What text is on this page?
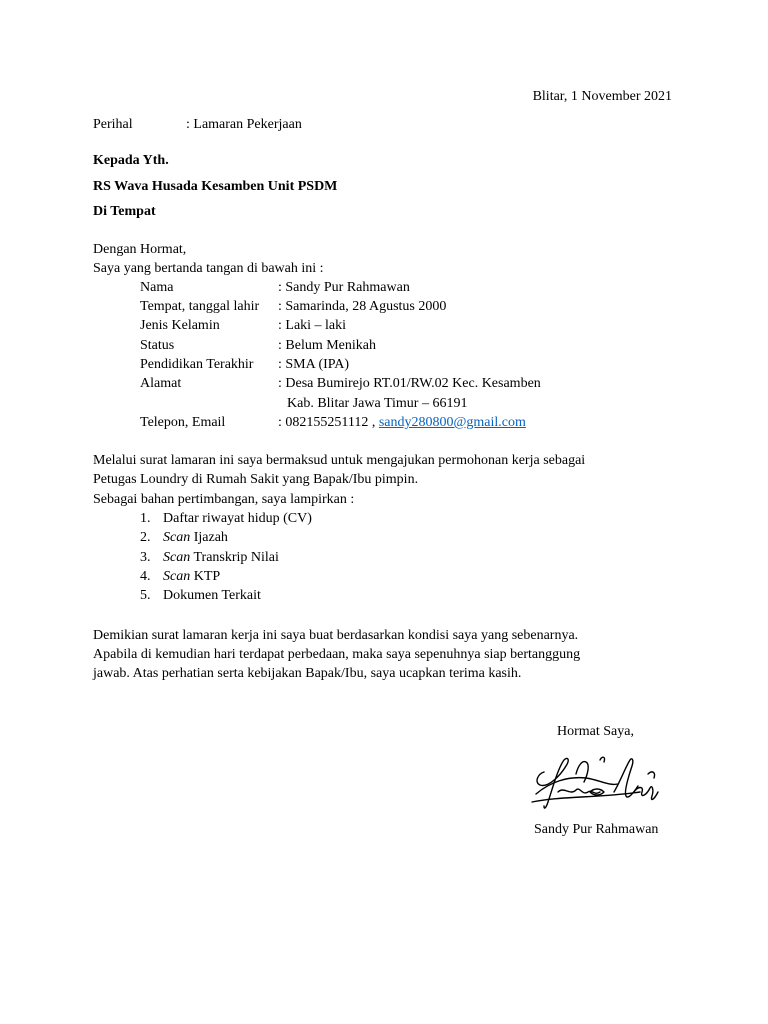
Blitar, 1 November 2021
Perihal	: Lamaran Pekerjaan
Kepada Yth.
RS Wava Husada Kesamben Unit PSDM
Di Tempat
Dengan Hormat,
Saya yang bertanda tangan di bawah ini :
Nama	: Sandy Pur Rahmawan
Tempat, tanggal lahir : Samarinda, 28 Agustus 2000
Jenis Kelamin	: Laki – laki
Status	: Belum Menikah
Pendidikan Terakhir : SMA (IPA)
Alamat	: Desa Bumirejo RT.01/RW.02 Kec. Kesamben
Kab. Blitar Jawa Timur – 66191
Telepon, Email	: 082155251112 , sandy280800@gmail.com
Melalui surat lamaran ini saya bermaksud untuk mengajukan permohonan kerja sebagai
Petugas Loundry di Rumah Sakit yang Bapak/Ibu pimpin.
Sebagai bahan pertimbangan, saya lampirkan :
1. Daftar riwayat hidup (CV)
2. Scan Ijazah
3. Scan Transkrip Nilai
4. Scan KTP
5. Dokumen Terkait
Demikian surat lamaran kerja ini saya buat berdasarkan kondisi saya yang sebenarnya.
Apabila di kemudian hari terdapat perbedaan, maka saya sepenuhnya siap bertanggung
jawab. Atas perhatian serta kebijakan Bapak/Ibu, saya ucapkan terima kasih.
Hormat Saya,
Sandy Pur Rahmawan
